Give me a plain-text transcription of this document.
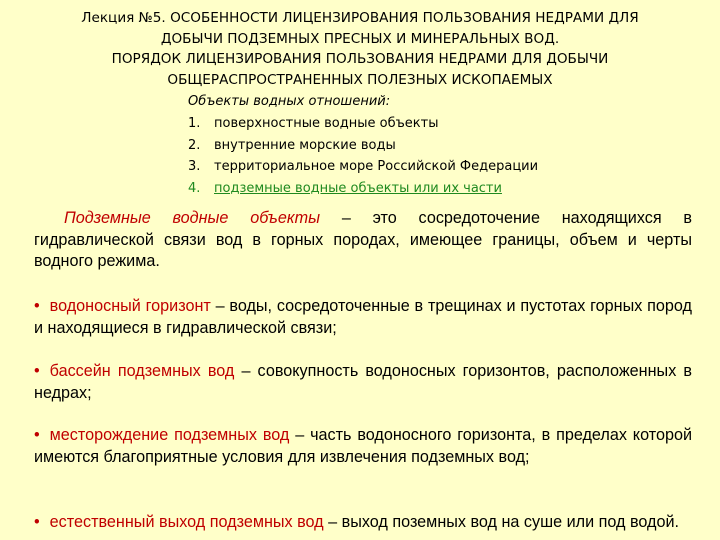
Лекция №5. ОСОБЕННОСТИ ЛИЦЕНЗИРОВАНИЯ ПОЛЬЗОВАНИЯ НЕДРАМИ ДЛЯ
ДОБЫЧИ ПОДЗЕМНЫХ ПРЕСНЫХ И МИНЕРАЛЬНЫХ ВОД.
ПОРЯДОК ЛИЦЕНЗИРОВАНИЯ ПОЛЬЗОВАНИЯ НЕДРАМИ ДЛЯ ДОБЫЧИ
ОБЩЕРАСПРОСТРАНЕННЫХ ПОЛЕЗНЫХ ИСКОПАЕМЫХ
Объекты водных отношений:
1. поверхностные водные объекты
2. внутренние морские воды
3. территориальное море Российской Федерации
4. подземные водные объекты или их части

Подземные водные объекты – это сосредоточение находящихся в гидравлической связи вод в горных породах, имеющее границы, объем и черты водного режима.

• водоносный горизонт – воды, сосредоточенные в трещинах и пустотах горных пород и находящиеся в гидравлической связи;

• бассейн подземных вод – совокупность водоносных горизонтов, расположенных в недрах;

• месторождение подземных вод – часть водоносного горизонта, в пределах которой имеются благоприятные условия для извлечения подземных вод;

• естественный выход подземных вод – выход поземных вод на суше или под водой.
